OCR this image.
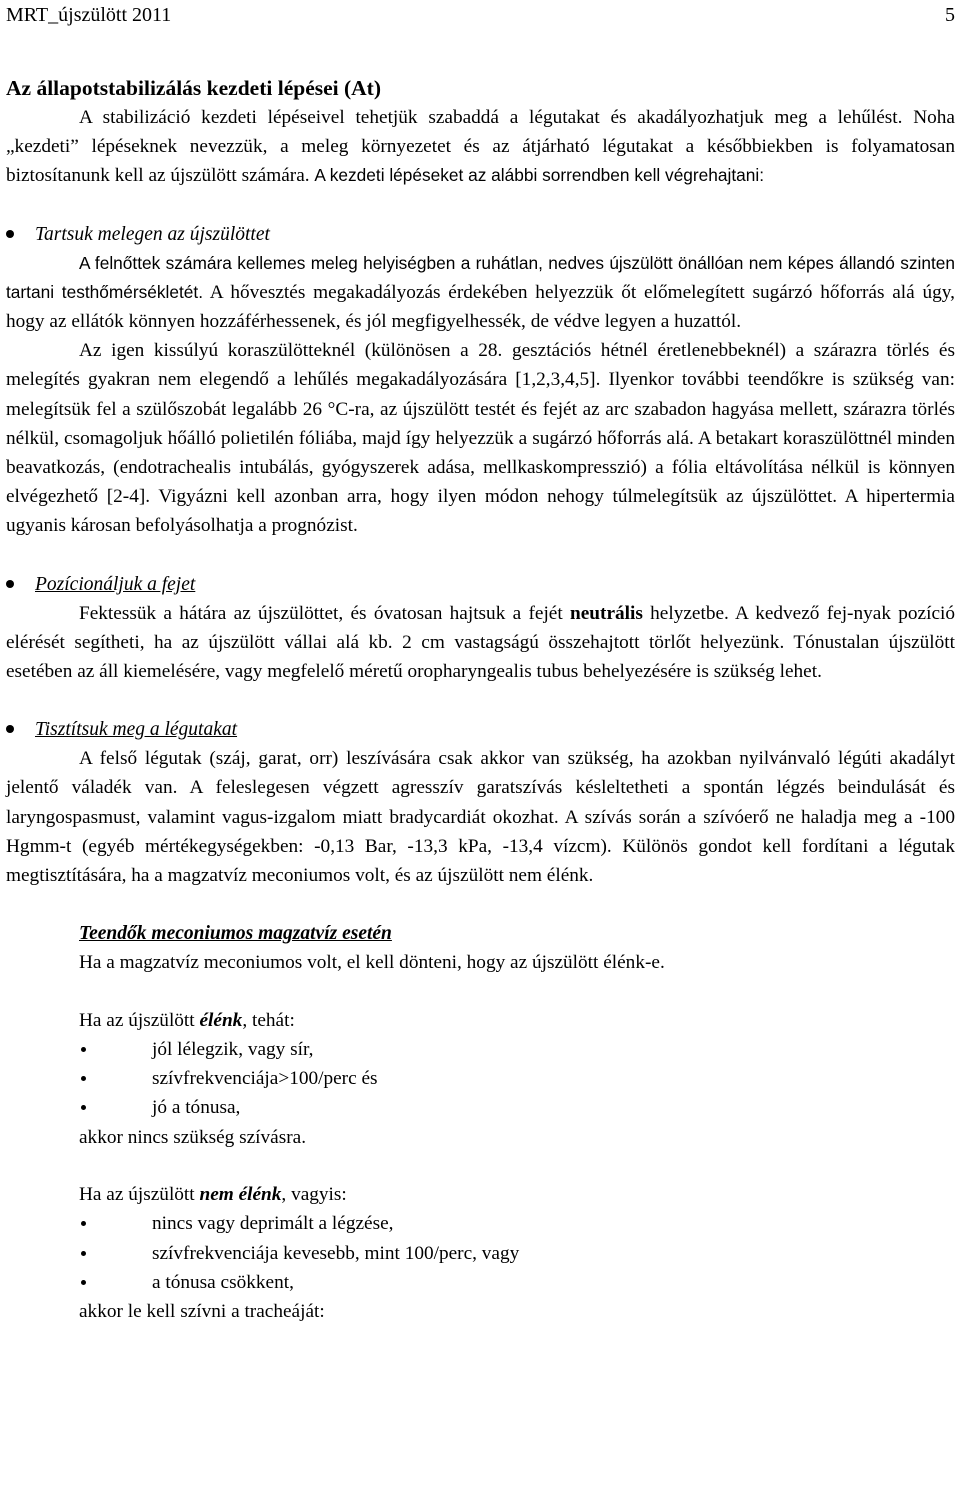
MRT_újszülött 2011	5
Az állapotstabilizálás kezdeti lépései (At)

A stabilizáció kezdeti lépéseivel tehetjük szabaddá a légutakat és akadályozhatjuk meg a lehűlést. Noha „kezdeti” lépéseknek nevezzük, a meleg környezetet és az átjárható légutakat a későbbiekben is folyamatosan biztosítanunk kell az újszülött számára. A kezdeti lépéseket az alábbi sorrendben kell végrehajtani:

Tartsuk melegen az újszülöttet

A felnőttek számára kellemes meleg helyiségben a ruhátlan, nedves újszülött önállóan nem képes állandó szinten tartani testhőmérsékletét. A hővesztés megakadályozás érdekében helyezzük őt előmelegített sugárzó hőforrás alá úgy, hogy az ellátók könnyen hozzáférhessenek, és jól megfigyelhessék, de védve legyen a huzattól.

Az igen kissúlyú koraszülötteknél (különösen a 28. gesztációs hétnél éretlenebbeknél) a szárazra törlés és melegítés gyakran nem elegendő a lehűlés megakadályozására [1,2,3,4,5]. Ilyenkor további teendőkre is szükség van: melegítsük fel a szülőszobát legalább 26 °C-ra, az újszülött testét és fejét az arc szabadon hagyása mellett, szárazra törlés nélkül, csomagoljuk hőálló polietilén fóliába, majd így helyezzük a sugárzó hőforrás alá. A betakart koraszülöttnél minden beavatkozás, (endotrachealis intubálás, gyógyszerek adása, mellkaskompresszió) a fólia eltávolítása nélkül is könnyen elvégezhető [2-4]. Vigyázni kell azonban arra, hogy ilyen módon nehogy túlmelegítsük az újszülöttet. A hipertermia ugyanis károsan befolyásolhatja a prognózist.

Pozícionáljuk a fejet

Fektessük a hátára az újszülöttet, és óvatosan hajtsuk a fejét neutrális helyzetbe. A kedvező fej-nyak pozíció elérését segítheti, ha az újszülött vállai alá kb. 2 cm vastagságú összehajtott törlőt helyezünk. Tónustalan újszülött esetében az áll kiemelésére, vagy megfelelő méretű oropharyngealis tubus behelyezésére is szükség lehet.

Tisztítsuk meg a légutakat

A felső légutak (száj, garat, orr) leszívására csak akkor van szükség, ha azokban nyilvánvaló légúti akadályt jelentő váladék van. A feleslegesen végzett agresszív garatszívás késleltetheti a spontán légzés beindulását és laryngospasmust, valamint vagus-izgalom miatt bradycardiát okozhat. A szívás során a szívóerő ne haladja meg a -100 Hgmm-t (egyéb mértékegységekben: -0,13 Bar, -13,3 kPa, -13,4 vízcm). Különös gondot kell fordítani a légutak megtisztítására, ha a magzatvíz meconiumos volt, és az újszülött nem élénk.

Teendők meconiumos magzatvíz esetén
Ha a magzatvíz meconiumos volt, el kell dönteni, hogy az újszülött élénk-e.
Ha az újszülött élénk, tehát:
jól lélegzik, vagy sír,
szívfrekvenciája>100/perc és
jó a tónusa,
akkor nincs szükség szívásra.
Ha az újszülött nem élénk, vagyis:
nincs vagy deprimált a légzése,
szívfrekvenciája kevesebb, mint 100/perc, vagy
a tónusa csökkent,
akkor le kell szívni a tracheáját:
